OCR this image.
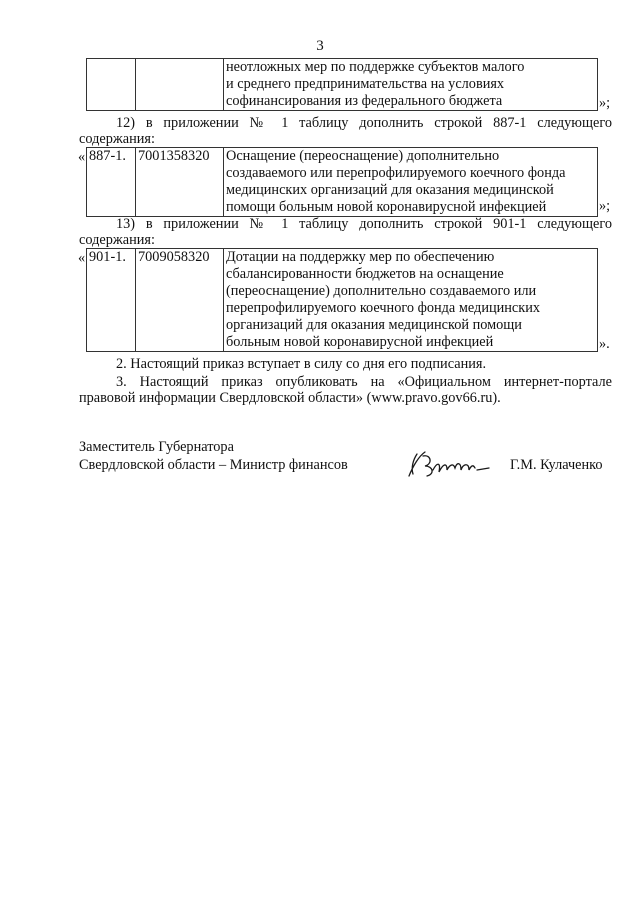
3

неотложных мер по поддержке субъектов малого
и среднего предпринимательства на условиях
софинансирования из федерального бюджета	»;
12) в приложении № 1 таблицу дополнить строкой 887-1 следующего
содержания:
« 887-1.	7001358320	Оснащение (переоснащение) дополнительно
создаваемого или перепрофилируемого коечного фонда
медицинских организаций для оказания медицинской
помощи больным новой коронавирусной инфекцией	»;
13) в приложении № 1 таблицу дополнить строкой 901-1 следующего
содержания:
« 901-1.	7009058320	Дотации на поддержку мер по обеспечению
сбалансированности бюджетов на оснащение
(переоснащение) дополнительно создаваемого или
перепрофилируемого коечного фонда медицинских
организаций для оказания медицинской помощи
больным новой коронавирусной инфекцией	».
2. Настоящий приказ вступает в силу со дня его подписания.
3. Настоящий приказ опубликовать на «Официальном интернет-портале
правовой информации Свердловской области» (www.pravo.gov66.ru).
Заместитель Губернатора
Свердловской области – Министр финансов	Г.М. Кулаченко
